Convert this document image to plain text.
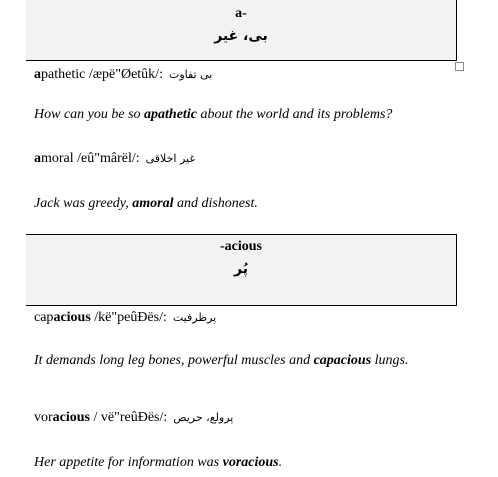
a-
بی، غیر
apathetic /æpë"Øetûk/: بی تفاوت
How can you be so apathetic about the world and its problems?
amoral /eû"mârël/: غیر اخلاقی
Jack was greedy, amoral and dishonest.
-acious
پُر
capacious /kë"peûÐës/: پرظرفیت
It demands long leg bones, powerful muscles and capacious lungs.
voracious / vë"reûÐës/: پرولع، حریص
Her appetite for information was voracious.
